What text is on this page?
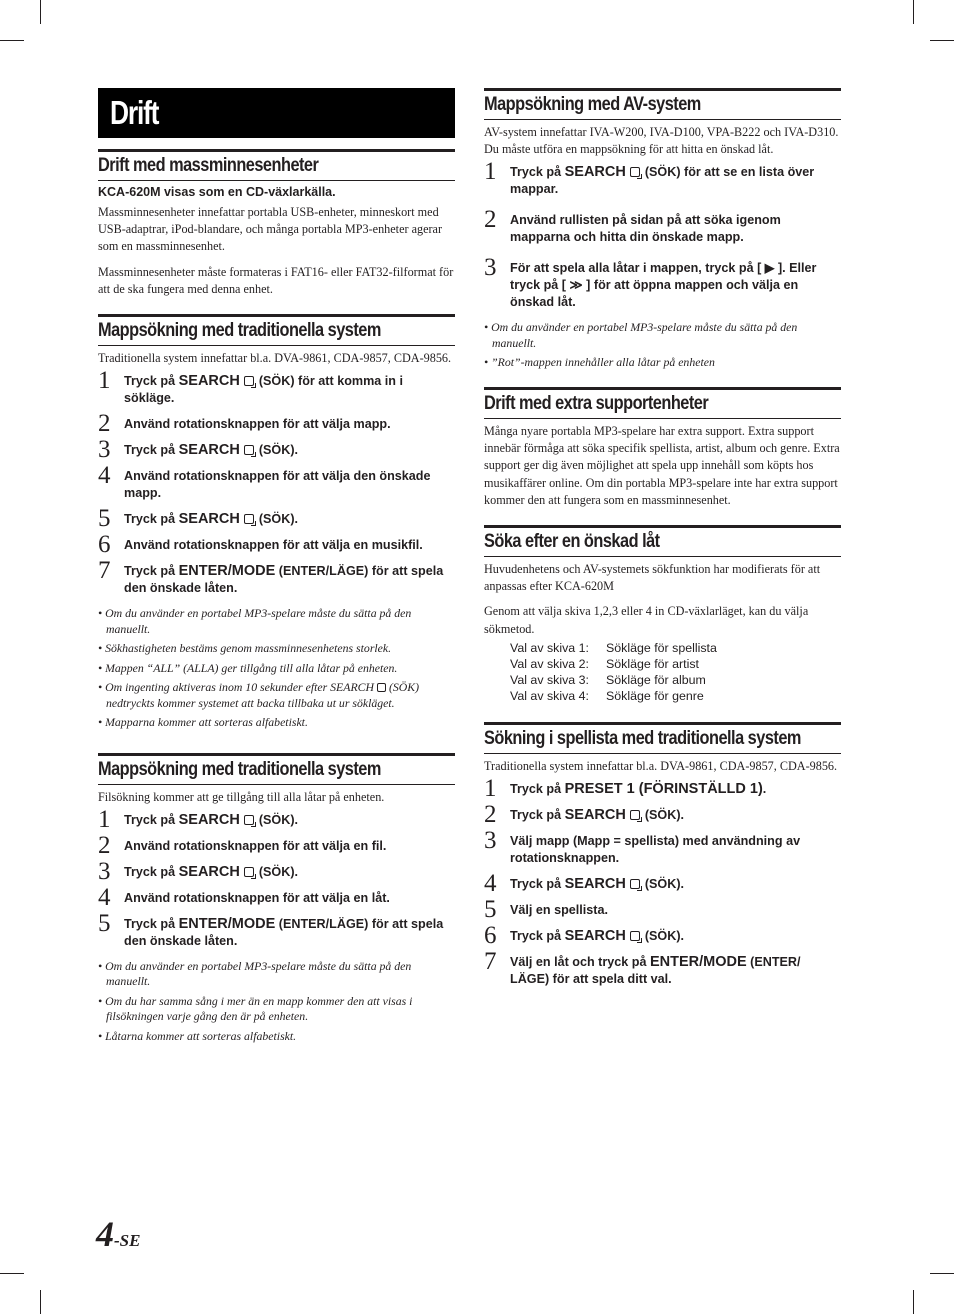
Drift
Drift med massminnesenheter
KCA-620M visas som en CD-växlarkälla.

Massminnesenheter innefattar portabla USB-enheter, minneskort med USB-adaptrar, iPod-blandare, och många portabla MP3-enheter agerar som en massminnesenhet.

Massminnesenheter måste formateras i FAT16- eller FAT32-filformat för att de ska fungera med denna enhet.

Mappsökning med traditionella system

Traditionella system innefattar bl.a. DVA-9861, CDA-9857, CDA-9856.

1 Tryck på SEARCH  (SÖK) för att komma in i sökläge.
2 Använd rotationsknappen för att välja mapp.
3 Tryck på SEARCH  (SÖK).
4 Använd rotationsknappen för att välja den önskade mapp.
5 Tryck på SEARCH  (SÖK).
6 Använd rotationsknappen för att välja en musikfil.
7 Tryck på ENTER/MODE (ENTER/LÄGE) för att spela den önskade låten.
• Om du använder en portabel MP3-spelare måste du sätta på den manuellt.
• Sökhastigheten bestäms genom massminnesenhetens storlek.
• Mappen “ALL” (ALLA) ger tillgång till alla låtar på enheten.
• Om ingenting aktiveras inom 10 sekunder efter SEARCH  (SÖK) nedtryckts kommer systemet att backa tillbaka ut ur sökläget.
• Mapparna kommer att sorteras alfabetiskt.
Mappsökning med traditionella system

Filsökning kommer att ge tillgång till alla låtar på enheten.

1 Tryck på SEARCH  (SÖK).
2 Använd rotationsknappen för att välja en fil.
3 Tryck på SEARCH  (SÖK).
4 Använd rotationsknappen för att välja en låt.
5 Tryck på ENTER/MODE (ENTER/LÄGE) för att spela den önskade låten.
• Om du använder en portabel MP3-spelare måste du sätta på den manuellt.
• Om du har samma sång i mer än en mapp kommer den att visas i filsökningen varje gång den är på enheten.
• Låtarna kommer att sorteras alfabetiskt.
Mappsökning med AV-system

AV-system innefattar IVA-W200, IVA-D100, VPA-B222 och IVA-D310. Du måste utföra en mappsökning för att hitta en önskad låt.

1 Tryck på SEARCH  (SÖK) för att se en lista över mappar.
2 Använd rullisten på sidan på att söka igenom mapparna och hitta din önskade mapp.
3 För att spela alla låtar i mappen, tryck på [ ▶ ]. Eller tryck på [ ≫ ] för att öppna mappen och välja en önskad låt.
• Om du använder en portabel MP3-spelare måste du sätta på den manuellt.
• ”Rot”-mappen innehåller alla låtar på enheten
Drift med extra supportenheter

Många nyare portabla MP3-spelare har extra support. Extra support innebär förmåga att söka specifik spellista, artist, album och genre. Extra support ger dig även möjlighet att spela upp innehåll som köpts hos musikaffärer online. Om din portabla MP3-spelare inte har extra support kommer den att fungera som en massminnesenhet.

Söka efter en önskad låt

Huvudenhetens och AV-systemets sökfunktion har modifierats för att anpassas efter KCA-620M

Genom att välja skiva 1,2,3 eller 4 in CD-växlarläget, kan du välja sökmetod.

Val av skiva 1:	Sökläge för spellista
Val av skiva 2:	Sökläge för artist
Val av skiva 3:	Sökläge för album
Val av skiva 4:	Sökläge för genre
Sökning i spellista med traditionella system

Traditionella system innefattar bl.a. DVA-9861, CDA-9857, CDA-9856.

1 Tryck på PRESET 1 (FÖRINSTÄLLD 1).
2 Tryck på SEARCH  (SÖK).
3 Välj mapp (Mapp = spellista) med användning av rotationsknappen.
4 Tryck på SEARCH  (SÖK).
5 Välj en spellista.
6 Tryck på SEARCH  (SÖK).
7 Välj en låt och tryck på ENTER/MODE (ENTER/ LÄGE) för att spela ditt val.
4-SE
